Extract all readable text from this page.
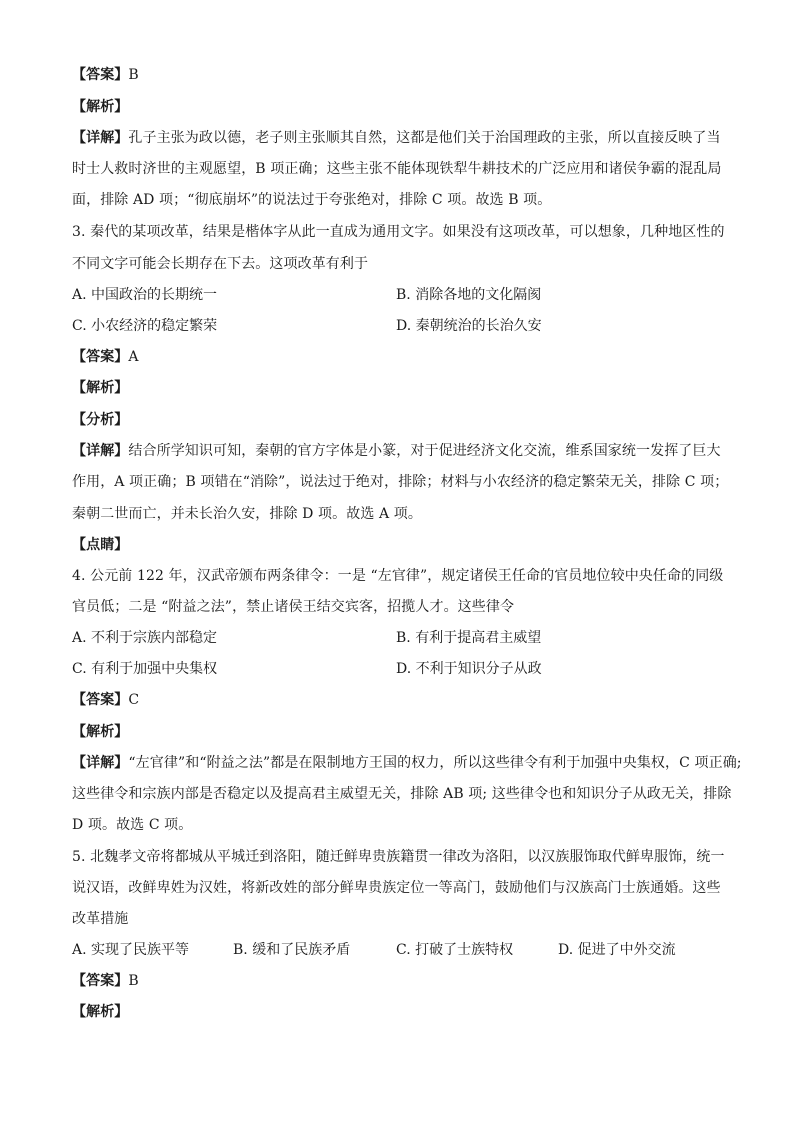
【答案】B
【解析】
【详解】孔子主张为政以德，老子则主张顺其自然，这都是他们关于治国理政的主张，所以直接反映了当
时士人救时济世的主观愿望，B 项正确；这些主张不能体现铁犁牛耕技术的广泛应用和诸侯争霸的混乱局
面，排除 AD 项；“彻底崩坏”的说法过于夸张绝对，排除 C 项。故选 B 项。
3. 秦代的某项改革，结果是楷体字从此一直成为通用文字。如果没有这项改革，可以想象，几种地区性的
不同文字可能会长期存在下去。这项改革有利于
A. 中国政治的长期统一	B. 消除各地的文化隔阂
C. 小农经济的稳定繁荣	D. 秦朝统治的长治久安
【答案】A
【解析】
【分析】
【详解】结合所学知识可知，秦朝的官方字体是小篆，对于促进经济文化交流，维系国家统一发挥了巨大
作用，A 项正确；B 项错在“消除”，说法过于绝对，排除；材料与小农经济的稳定繁荣无关，排除 C 项；
秦朝二世而亡，并未长治久安，排除 D 项。故选 A 项。
【点睛】
4. 公元前 122 年，汉武帝颁布两条律令：一是 “左官律”，规定诸侯王任命的官员地位较中央任命的同级
官员低；二是 “附益之法”，禁止诸侯王结交宾客，招揽人才。这些律令
A. 不利于宗族内部稳定	B. 有利于提高君主威望
C. 有利于加强中央集权	D. 不利于知识分子从政
【答案】C
【解析】
【详解】“左官律”和“附益之法”都是在限制地方王国的权力，所以这些律令有利于加强中央集权，C 项正确;
这些律令和宗族内部是否稳定以及提高君主威望无关，排除 AB 项; 这些律令也和知识分子从政无关，排除
D 项。故选 C 项。
5. 北魏孝文帝将都城从平城迁到洛阳，随迁鲜卑贵族籍贯一律改为洛阳，以汉族服饰取代鲜卑服饰，统一
说汉语，改鲜卑姓为汉姓，将新改姓的部分鲜卑贵族定位一等高门，鼓励他们与汉族高门士族通婚。这些
改革措施
A. 实现了民族平等	B. 缓和了民族矛盾	C. 打破了士族特权	D. 促进了中外交流
【答案】B
【解析】
